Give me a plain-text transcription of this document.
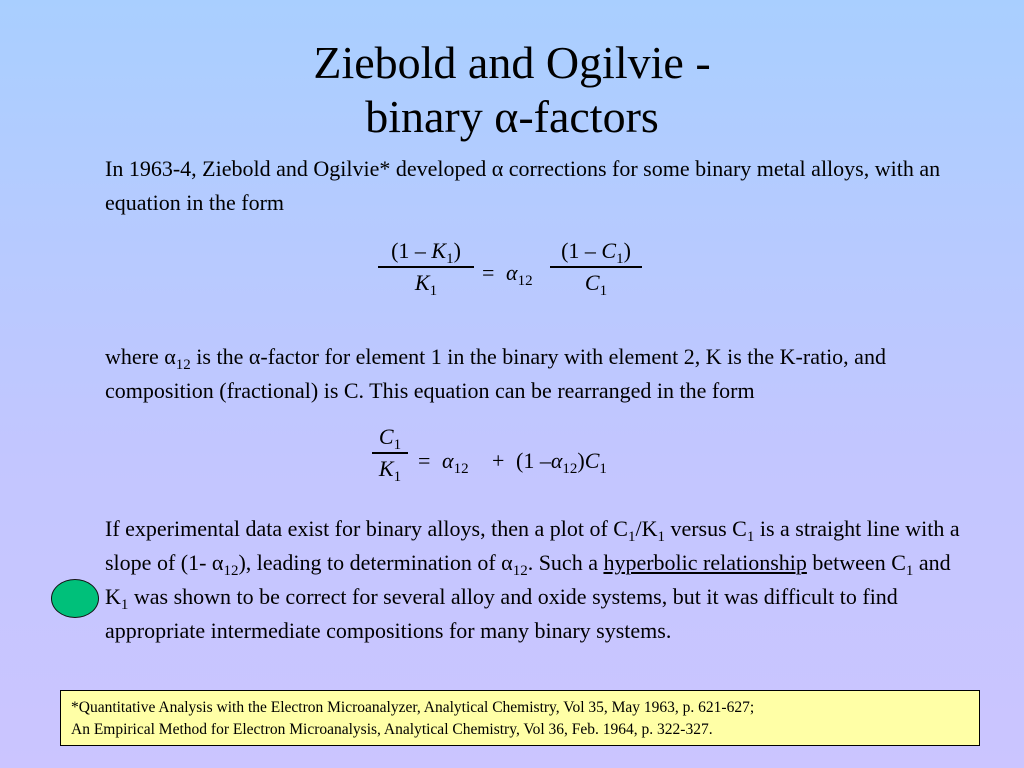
Ziebold and Ogilvie -
binary α-factors
In 1963-4, Ziebold and Ogilvie* developed α corrections for some binary metal alloys, with an equation in the form
$\frac{(1 - K_1)}{K_1} = \alpha_{12} \frac{(1 - C_1)}{C_1}$
where $\alpha_{12}$ is the α-factor for element 1 in the binary with element 2, K is the K-ratio, and composition (fractional) is C. This equation can be rearranged in the form
$\frac{C_1}{K_1} = \alpha_{12} + (1$ $-\alpha_{12})C_1$
If experimental data exist for binary alloys, then a plot of $C_1/K_1$ versus $C_1$ is a straight line with a slope of (1- $\alpha_{12}$), leading to determination of $\alpha_{12}$. Such a hyperbolic relationship between $C_1$ and $K_1$ was shown to be correct for several alloy and oxide systems, but it was difficult to find appropriate intermediate compositions for many binary systems.
*Quantitative Analysis with the Electron Microanalyzer, Analytical Chemistry, Vol 35, May 1963, p. 621-627;
An Empirical Method for Electron Microanalysis, Analytical Chemistry, Vol 36, Feb. 1964, p. 322-327.
